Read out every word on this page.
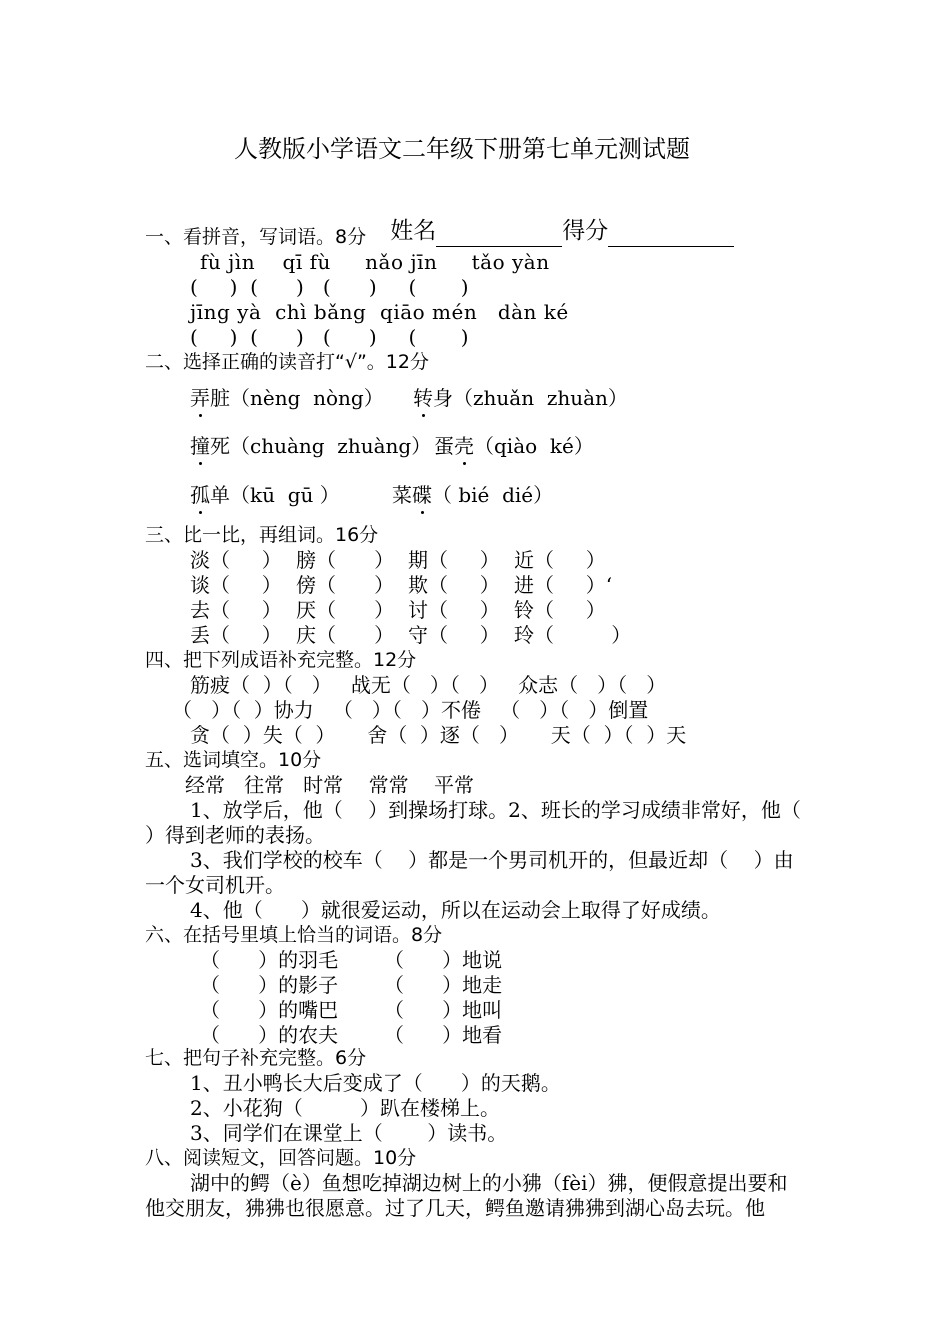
人教版小学语文二年级下册第七单元测试题

姓名	得分

一、看拼音，写词语。8分
fù jìn    qī fù     nǎo jīn     tǎo yàn
(     )  (      )   (      )     (       )
jīng yà  chì bǎng  qiāo mén   dàn ké
(     )  (      )   (      )     (       )
二、选择正确的读音打“√”。12分
弄脏（nèng  nòng） 转身（zhuǎn  zhuàn）
撞死（chuàng  zhuàng） 蛋壳（qiào  ké）
孤单（kū  gū ）	菜碟（ bié  dié）
三、比一比，再组词。16分

淡（     ）

膀（      ）

期（     ）

近（     ）

谈（     ）

傍（      ）

欺（     ）

进（     ）‘

去（     ）

厌（      ）

讨（     ）

铃（     ）

丢（     ）

庆（      ）

守（     ）

玲（         ）

四、把下列成语补充完整。12分
筋疲（  ）（   ）   战无（   ）（   ）   众志（   ）（   ）
（   ）（  ）协力   （   ）（   ）不倦   （   ）（   ）倒置
贪（  ）失（  ）     舍（  ）逐（   ）     天（  ）（  ）天
五、选词填空。10分
经常   往常   时常    常常    平常
1、放学后，他（    ）到操场打球。2、班长的学习成绩非常好，他（
）得到老师的表扬。
3、我们学校的校车（    ）都是一个男司机开的，但最近却（    ）由
一个女司机开。
4、他（      ）就很爱运动，所以在运动会上取得了好成绩。
六、在括号里填上恰当的词语。8分
（      ）的羽毛 （      ）地说
（      ）的影子 （      ）地走
（      ）的嘴巴 （      ）地叫
（      ）的农夫 （      ）地看
七、把句子补充完整。6分
1、丑小鸭长大后变成了（      ）的天鹅。
2、小花狗（         ）趴在楼梯上。
3、同学们在课堂上（       ）读书。
八、阅读短文，回答问题。10分
湖中的鳄（è）鱼想吃掉湖边树上的小狒（fèi）狒，便假意提出要和
他交朋友，狒狒也很愿意。过了几天，鳄鱼邀请狒狒到湖心岛去玩。他
